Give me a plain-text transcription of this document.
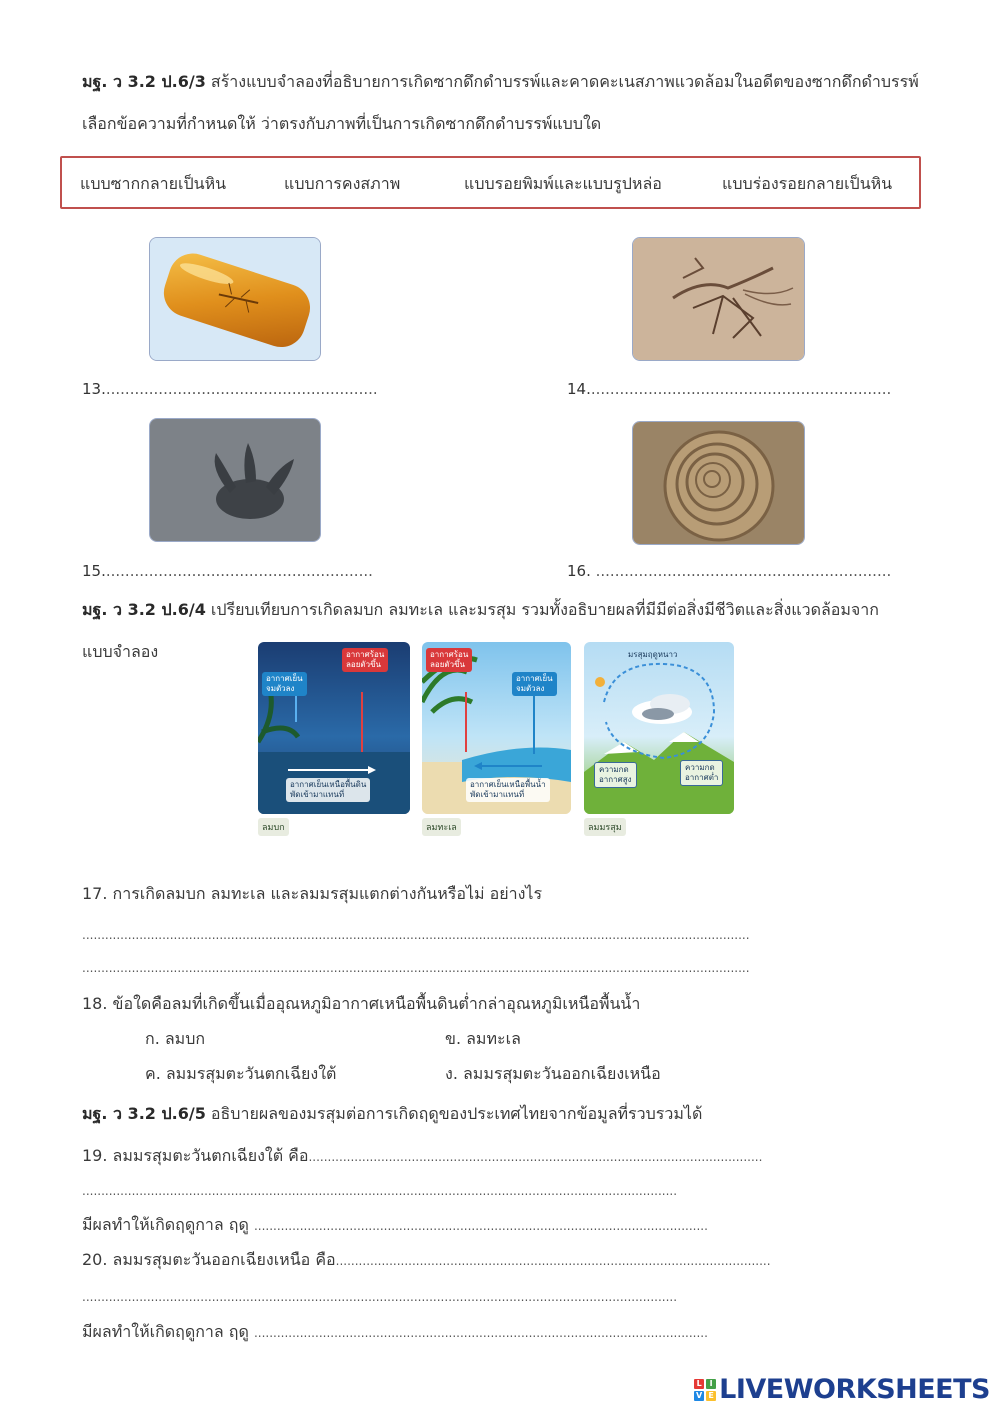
มฐ. ว 3.2 ป.6/3 สร้างแบบจำลองที่อธิบายการเกิดซากดึกดำบรรพ์และคาดคะเนสภาพแวดล้อมในอดีตของซากดึกดำบรรพ์
เลือกข้อความที่กำหนดให้ ว่าตรงกับภาพที่เป็นการเกิดซากดึกดำบรรพ์แบบใด
แบบซากกลายเป็นหิน	แบบการคงสภาพ	แบบรอยพิมพ์และแบบรูปหล่อ	แบบร่องรอยกลายเป็นหิน
13..........................................................	14................................................................
15.........................................................	16. ..............................................................
มฐ. ว 3.2 ป.6/4 เปรียบเทียบการเกิดลมบก ลมทะเล และมรสุม รวมทั้งอธิบายผลที่มีมีต่อสิ่งมีชีวิตและสิ่งแวดล้อมจาก
แบบจำลอง
อากาศเย็น
จมตัวลง
อากาศร้อน
ลอยตัวขึ้น
อากาศเย็นเหนือพื้นดิน
พัดเข้ามาแทนที่
ลมบก
อากาศร้อน
ลอยตัวขึ้น
อากาศเย็น
จมตัวลง
อากาศเย็นเหนือพื้นน้ำ
พัดเข้ามาแทนที่
ลมทะเล
มรสุมฤดูหนาว
ความกด
อากาศสูง
ความกด
อากาศต่ำ
ลมมรสุม
17. การเกิดลมบก ลมทะเล และลมมรสุมแตกต่างกันหรือไม่ อย่างไร
...............................................................................................................................................................................
...............................................................................................................................................................................
18. ข้อใดคือลมที่เกิดขึ้นเมื่ออุณหภูมิอากาศเหนือพื้นดินต่ำกล่าอุณหภูมิเหนือพื้นน้ำ
ก. ลมบก	ข. ลมทะเล
ค. ลมมรสุมตะวันตกเฉียงใต้	ง. ลมมรสุมตะวันออกเฉียงเหนือ
มฐ. ว 3.2 ป.6/5 อธิบายผลของมรสุมต่อการเกิดฤดูของประเทศไทยจากข้อมูลที่รวบรวมได้
19. ลมมรสุมตะวันตกเฉียงใต้ คือ.......................................................................................................................
............................................................................................................................................................
มีผลทำให้เกิดฤดูกาล ฤดู .......................................................................................................................
20. ลมมรสุมตะวันออกเฉียงเหนือ คือ..................................................................................................................
............................................................................................................................................................
มีผลทำให้เกิดฤดูกาล ฤดู .......................................................................................................................
L I
V E LIVEWORKSHEETS
